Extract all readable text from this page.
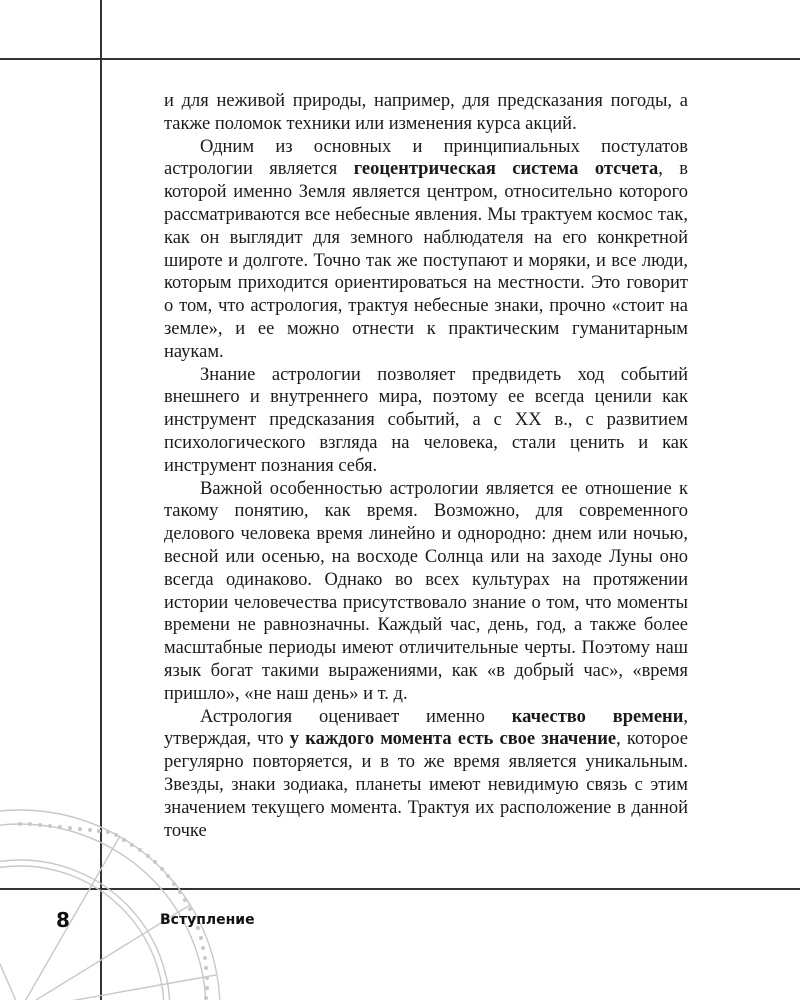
и для неживой природы, например, для предсказания погоды, а также поломок техники или изменения курса акций.

Одним из основных и принципиальных постулатов астрологии является геоцентрическая система отсчета, в которой именно Земля является центром, относительно которого рассматриваются все небесные явления. Мы трактуем космос так, как он выглядит для земного наблюдателя на его конкретной широте и долготе. Точно так же поступают и моряки, и все люди, которым приходится ориентироваться на местности. Это говорит о том, что астрология, трактуя небесные знаки, прочно «стоит на земле», и ее можно отнести к практическим гуманитарным наукам.

Знание астрологии позволяет предвидеть ход событий внешнего и внутреннего мира, поэтому ее всегда ценили как инструмент предсказания событий, а с XX в., с развитием психологического взгляда на человека, стали ценить и как инструмент познания себя.

Важной особенностью астрологии является ее отношение к такому понятию, как время. Возможно, для современного делового человека время линейно и однородно: днем или ночью, весной или осенью, на восходе Солнца или на заходе Луны оно всегда одинаково. Однако во всех культурах на протяжении истории человечества присутствовало знание о том, что моменты времени не равнозначны. Каждый час, день, год, а также более масштабные периоды имеют отличительные черты. Поэтому наш язык богат такими выражениями, как «в добрый час», «время пришло», «не наш день» и т. д.

Астрология оценивает именно качество времени, утверждая, что у каждого момента есть свое значение, которое регулярно повторяется, и в то же время является уникальным. Звезды, знаки зодиака, планеты имеют невидимую связь с этим значением текущего момента. Трактуя их расположение в данной точке

8	Вступление
